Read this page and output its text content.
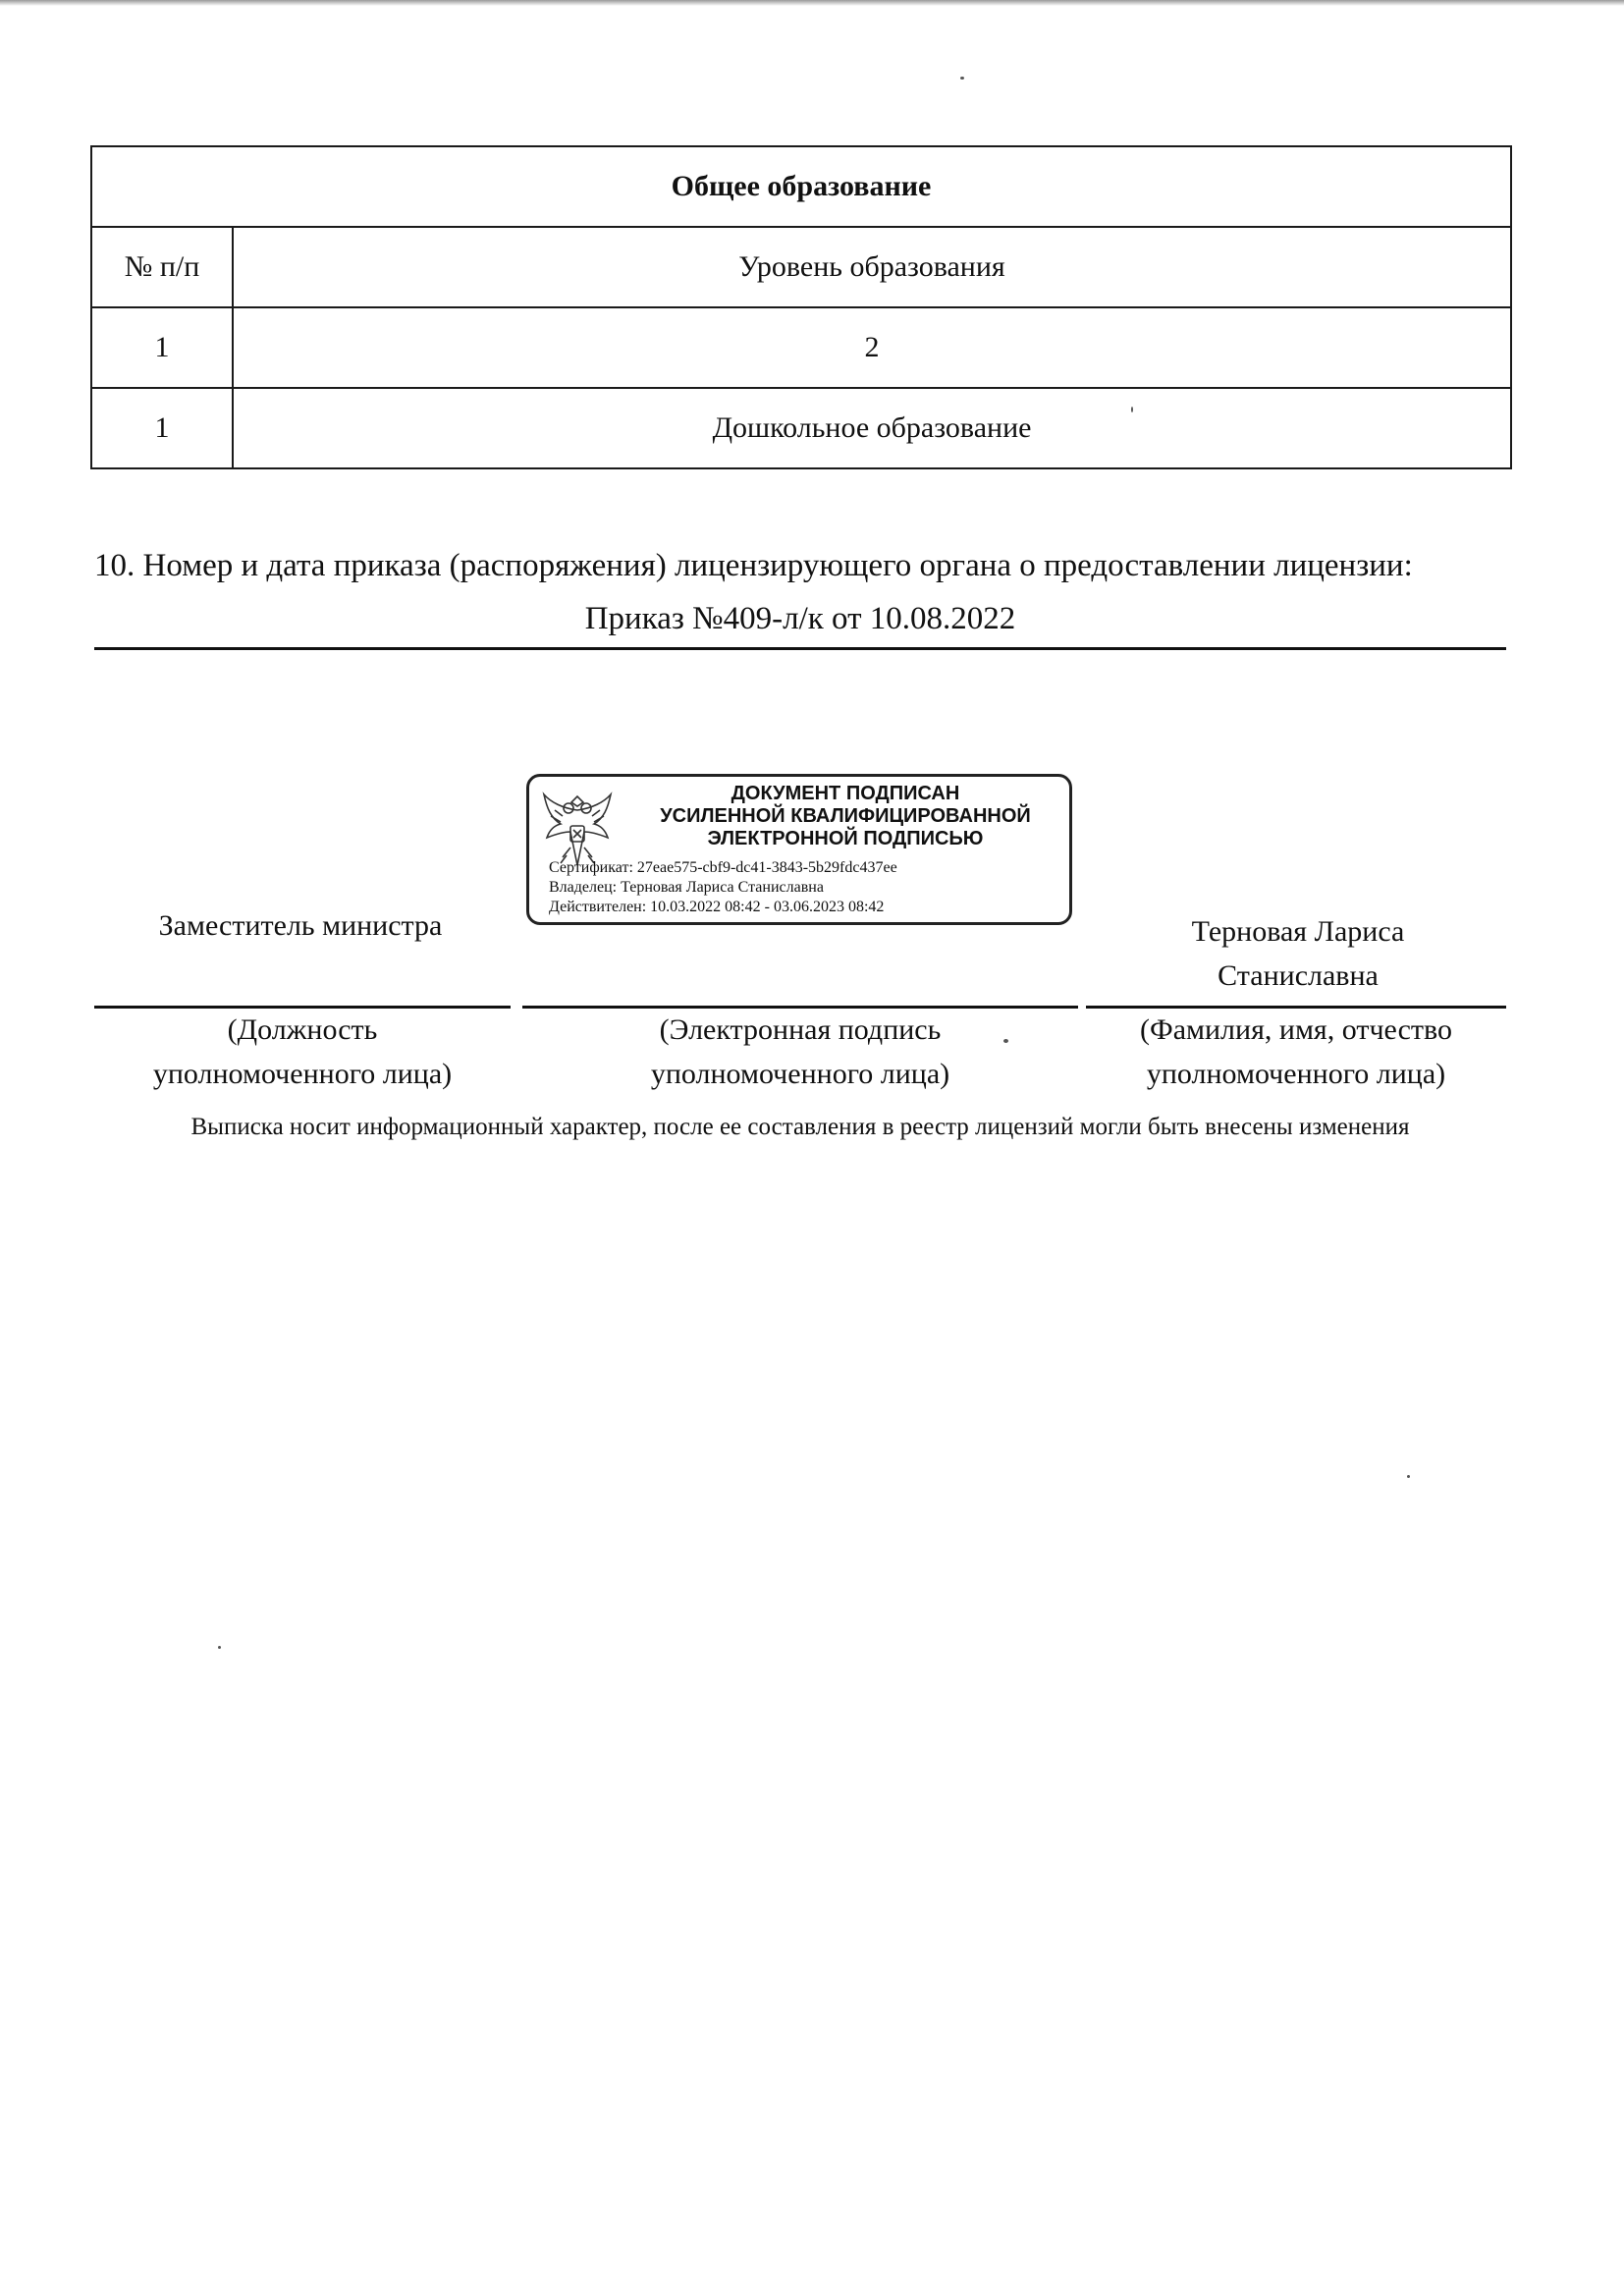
Общее образование	
№ п/п	Уровень образования
1	2
1	Дошкольное образование
10. Номер и дата приказа (распоряжения) лицензирующего органа о предоставлении лицензии:
Приказ №409-л/к от 10.08.2022
ДОКУМЕНТ ПОДПИСАН
УСИЛЕННОЙ КВАЛИФИЦИРОВАННОЙ
ЭЛЕКТРОННОЙ ПОДПИСЬЮ
Сертификат: 27eae575-cbf9-dc41-3843-5b29fdc437ee
Владелец: Терновая Лариса Станиславна
Действителен: 10.03.2022 08:42 - 03.06.2023 08:42
Заместитель министра	Терновая Лариса
Станиславна
(Должность
уполномоченного лица)
(Электронная подпись
уполномоченного лица)
(Фамилия, имя, отчество
уполномоченного лица)
Выписка носит информационный характер, после ее составления в реестр лицензий могли быть внесены изменения
